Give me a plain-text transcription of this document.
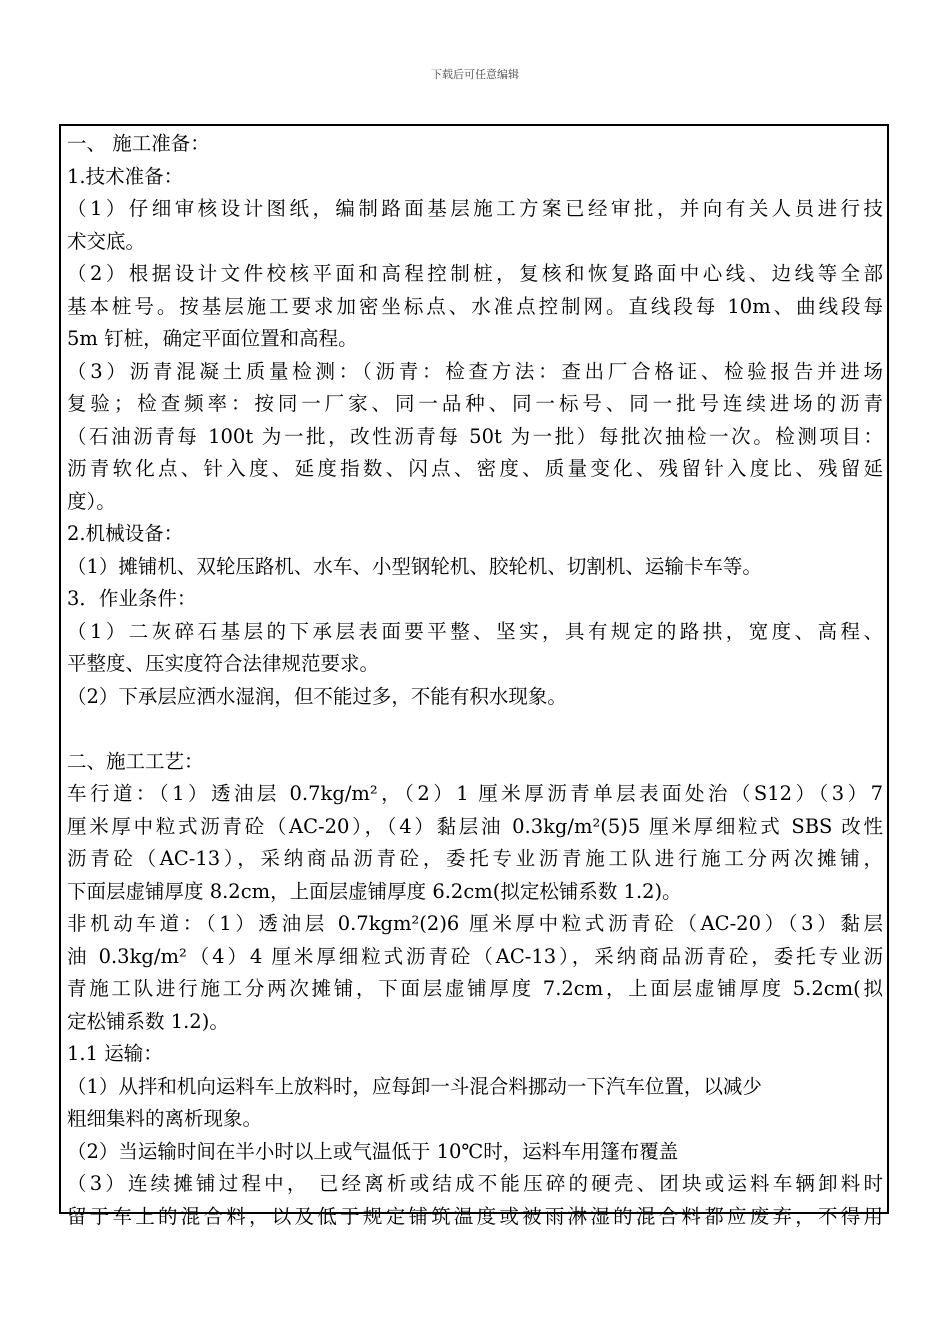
下载后可任意编辑
一、 施工准备：
1.技术准备：
（1）仔细审核设计图纸，编制路面基层施工方案已经审批，并向有关人员进行技
术交底。
（2）根据设计文件校核平面和高程控制桩，复核和恢复路面中心线、边线等全部
基本桩号。按基层施工要求加密坐标点、水准点控制网。直线段每 10m、曲线段每
5m 钉桩，确定平面位置和高程。
（3）沥青混凝土质量检测：（沥青：检查方法：查出厂合格证、检验报告并进场
复验；检查频率：按同一厂家、同一品种、同一标号、同一批号连续进场的沥青
（石油沥青每 100t 为一批，改性沥青每 50t 为一批）每批次抽检一次。检测项目：
沥青软化点、针入度、延度指数、闪点、密度、质量变化、残留针入度比、残留延
度）。
2.机械设备：
（1）摊铺机、双轮压路机、水车、小型钢轮机、胶轮机、切割机、运输卡车等。
3．作业条件：
（1）二灰碎石基层的下承层表面要平整、坚实，具有规定的路拱，宽度、高程、
平整度、压实度符合法律规范要求。
（2）下承层应洒水湿润，但不能过多，不能有积水现象。
二、施工工艺：
车行道：（1）透油层 0.7kg/m²，（2）1 厘米厚沥青单层表面处治（S12）（3）7
厘米厚中粒式沥青砼（AC-20），（4）黏层油 0.3kg/m²(5)5 厘米厚细粒式 SBS 改性
沥青砼（AC-13），采纳商品沥青砼，委托专业沥青施工队进行施工分两次摊铺，
下面层虚铺厚度 8.2cm，上面层虚铺厚度 6.2cm(拟定松铺系数 1.2)。
非机动车道：（1）透油层 0.7kgm²(2)6 厘米厚中粒式沥青砼（AC-20）（3）黏层
油 0.3kg/m²（4）4 厘米厚细粒式沥青砼（AC-13），采纳商品沥青砼，委托专业沥
青施工队进行施工分两次摊铺，下面层虚铺厚度 7.2cm，上面层虚铺厚度 5.2cm(拟
定松铺系数 1.2)。
1.1 运输：
（1）从拌和机向运料车上放料时，应每卸一斗混合料挪动一下汽车位置，以减少
粗细集料的离析现象。
（2）当运输时间在半小时以上或气温低于 10℃时，运料车用篷布覆盖
（3）连续摊铺过程中， 已经离析或结成不能压碎的硬壳、团块或运料车辆卸料时
留于车上的混合料，以及低于规定铺筑温度或被雨淋湿的混合料都应废弃，不得用
